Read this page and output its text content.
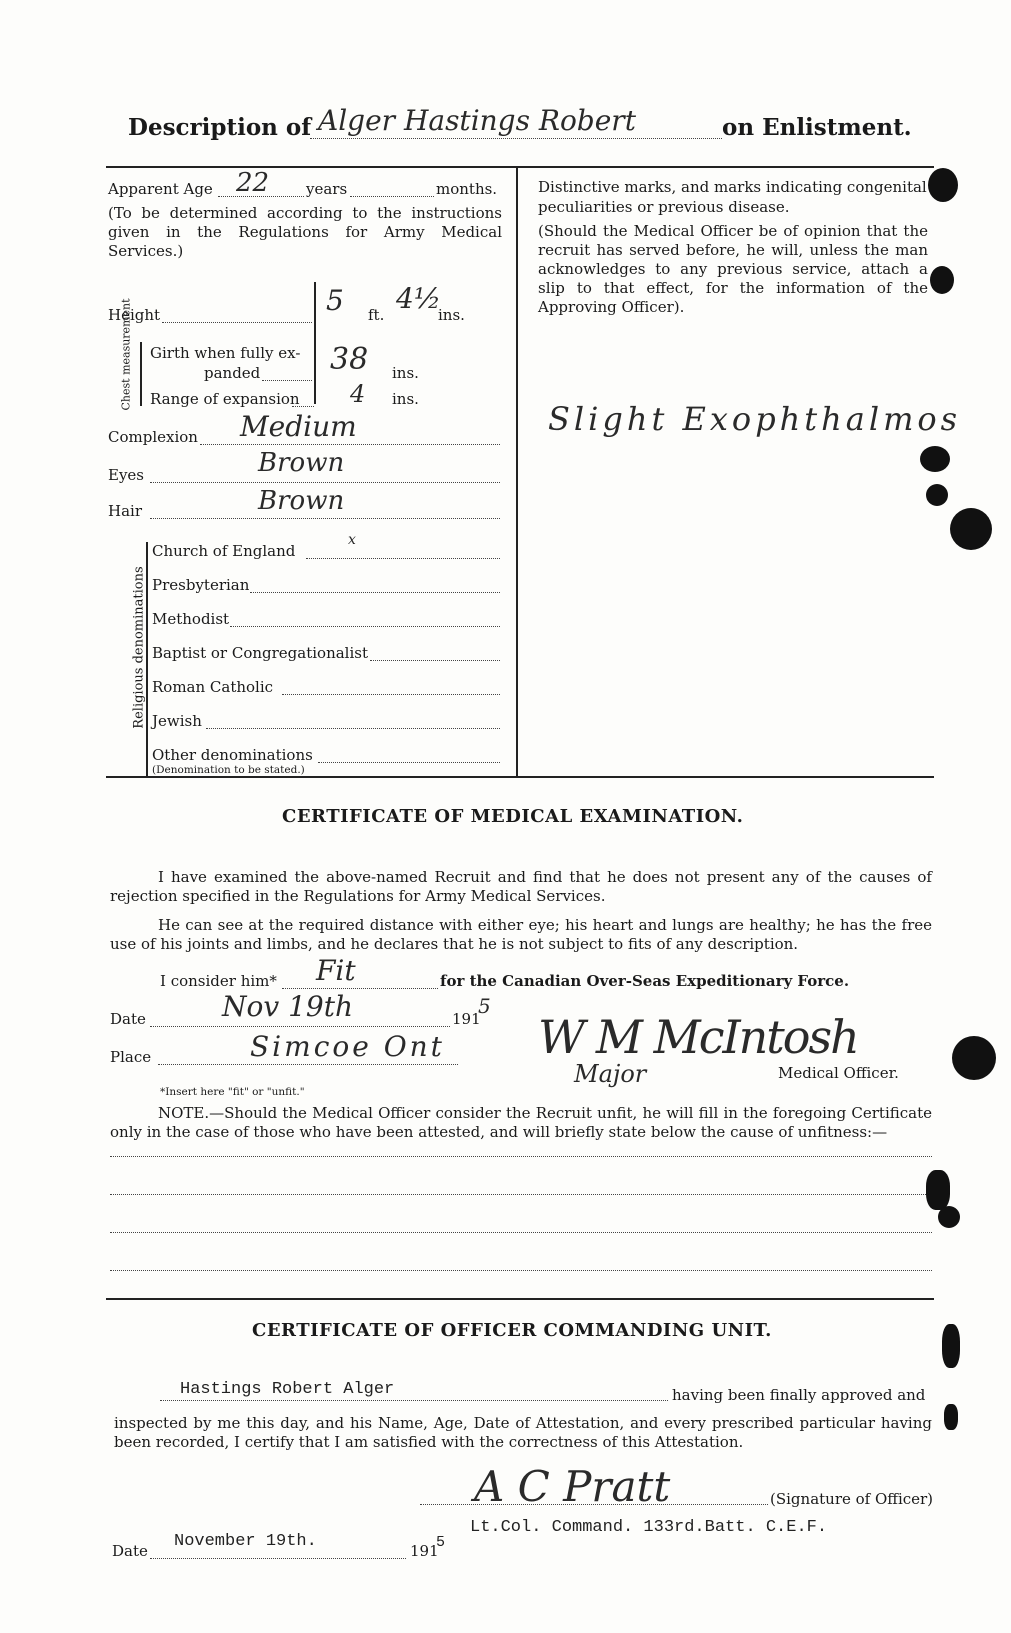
Description of Alger Hastings Robert	on Enlistment.
Apparent Age 22 years	months.
(To be determined according to the instructions given in the Regulations for Army Medical Services.)
Height	5 ft. 4½
ins.
Chest measurement Girth when fully ex-
panded 38 ins.
Range of expansion 4 ins.
Complexion Medium
Eyes	Brown
Hair	Brown
Religious denominations
Church of England
x
Presbyterian
Methodist
Baptist or Congregationalist
Roman Catholic
Jewish
Other denominations
(Denomination to be stated.)
Distinctive marks, and marks indicating congenital
peculiarities or previous disease.
(Should the Medical Officer be of opinion that the recruit has served before, he will, unless the man acknowledges to any previous service, attach a slip to that effect, for the information of the Approving Officer).
Slight Exophthalmos
CERTIFICATE OF MEDICAL EXAMINATION.
I have examined the above-named Recruit and find that he does not present any of the causes of rejection specified in the Regulations for Army Medical Services.
He can see at the required distance with either eye; his heart and lungs are healthy; he has the free use of his joints and limbs, and he declares that he is not subject to fits of any description.
I consider him* Fit	for the Canadian Over-Seas Expeditionary Force.
Date	Nov 19th	191
5
Place	Simcoe Ont W M McIntosh
Major	Medical Officer.
*Insert here "fit" or "unfit."
NOTE.—Should the Medical Officer consider the Recruit unfit, he will fill in the foregoing Certificate only in the case of those who have been attested, and will briefly state below the cause of unfitness:—
CERTIFICATE OF OFFICER COMMANDING UNIT.
Hastings Robert Alger	having been finally approved and
inspected by me this day, and his Name, Age, Date of Attestation, and every prescribed particular having been recorded, I certify that I am satisfied with the correctness of this Attestation.
A C Pratt	(Signature of Officer)
Lt.Col. Command. 133rd.Batt. C.E.F.
Date November 19th.	191
5
